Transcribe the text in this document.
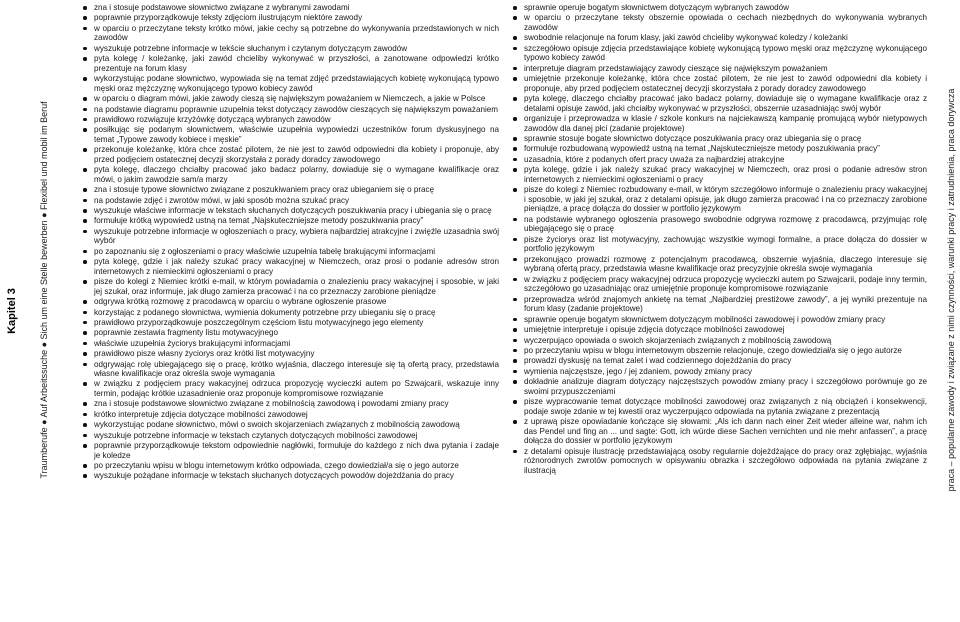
Kapitel 3 Traumberufe ● Auf Arbeitssuche ● Sich um eine Stelle bewerben ● Flexibel und mobil im Beruf	praca – popularne zawody i związane z nimi czynności, warunki pracy i zatrudnienia, praca dorywcza
zna i stosuje podstawowe słownictwo związane z wybranymi zawodami
poprawnie przyporządkowuje teksty zdjęciom ilustrującym niektóre zawody
w oparciu o przeczytane teksty krótko mówi, jakie cechy są potrzebne do wykonywania przedstawionych w nich zawodów
wyszukuje potrzebne informacje w tekście słuchanym i czytanym dotyczącym zawodów
pyta kolegę / koleżankę, jaki zawód chcieliby wykonywać w przyszłości, a zanotowane odpowiedzi krótko prezentuje na forum klasy
wykorzystując podane słownictwo, wypowiada się na temat zdjęć przedstawiających kobietę wykonującą typowo męski oraz mężczyznę wykonującego typowo kobiecy zawód
w oparciu o diagram mówi, jakie zawody cieszą się największym poważaniem w Niemczech, a jakie w Polsce
na podstawie diagramu poprawnie uzupełnia tekst dotyczący zawodów cieszących się największym poważaniem
prawidłowo rozwiązuje krzyżówkę dotyczącą wybranych zawodów
posiłkując się podanym słownictwem, właściwie uzupełnia wypowiedzi uczestników forum dyskusyjnego na temat „Typowe zawody kobiece i męskie”
przekonuje koleżankę, która chce zostać pilotem, że nie jest to zawód odpowiedni dla kobiety i proponuje, aby przed podjęciem ostatecznej decyzji skorzystała z porady doradcy zawodowego
pyta kolegę, dlaczego chciałby pracować jako badacz polarny, dowiaduje się o wymagane kwalifikacje oraz mówi, o jakim zawodzie sam/a marzy
zna i stosuje typowe słownictwo związane z poszukiwaniem pracy oraz ubieganiem się o pracę
na podstawie zdjęć i zwrotów mówi, w jaki sposób można szukać pracy
wyszukuje właściwe informacje w tekstach słuchanych dotyczących poszukiwania pracy i ubiegania się o pracę
formułuje krótką wypowiedź ustną na temat „Najskuteczniejsze metody poszukiwania pracy”
wyszukuje potrzebne informacje w ogłoszeniach o pracy, wybiera najbardziej atrakcyjne i zwięźle uzasadnia swój wybór
po zapoznaniu się z ogłoszeniami o pracy właściwie uzupełnia tabelę brakującymi informacjami
pyta kolegę, gdzie i jak należy szukać pracy wakacyjnej w Niemczech, oraz prosi o podanie adresów stron internetowych z niemieckimi ogłoszeniami o pracy
pisze do kolegi z Niemiec krótki e-mail, w którym powiadamia o znalezieniu pracy wakacyjnej i sposobie, w jaki jej szukał, oraz informuje, jak długo zamierza pracować i na co przeznaczy zarobione pieniądze
odgrywa krótką rozmowę z pracodawcą w oparciu o wybrane ogłoszenie prasowe
korzystając z podanego słownictwa, wymienia dokumenty potrzebne przy ubieganiu się o pracę
prawidłowo przyporządkowuje poszczególnym częściom listu motywacyjnego jego elementy
poprawnie zestawia fragmenty listu motywacyjnego
właściwie uzupełnia życiorys brakującymi informacjami
prawidłowo pisze własny życiorys oraz krótki list motywacyjny
odgrywając rolę ubiegającego się o pracę, krótko wyjaśnia, dlaczego interesuje się tą ofertą pracy, przedstawia własne kwalifikacje oraz określa swoje wymagania
w związku z podjęciem pracy wakacyjnej odrzuca propozycję wycieczki autem po Szwajcarii, wskazuje inny termin, podając krótkie uzasadnienie oraz proponuje kompromisowe rozwiązanie
zna i stosuje podstawowe słownictwo związane z mobilnością zawodową i powodami zmiany pracy
krótko interpretuje zdjęcia dotyczące mobilności zawodowej
wykorzystując podane słownictwo, mówi o swoich skojarzeniach związanych z mobilnością zawodową
wyszukuje potrzebne informacje w tekstach czytanych dotyczących mobilności zawodowej
poprawnie przyporządkowuje tekstom odpowiednie nagłówki, formułuje do każdego z nich dwa pytania i zadaje je koledze
po przeczytaniu wpisu w blogu internetowym krótko odpowiada, czego dowiedział/a się o jego autorze
wyszukuje pożądane informacje w tekstach słuchanych dotyczących powodów dojeżdżania do pracy
sprawnie operuje bogatym słownictwem dotyczącym wybranych zawodów
w oparciu o przeczytane teksty obszernie opowiada o cechach niezbędnych do wykonywania wybranych zawodów
swobodnie relacjonuje na forum klasy, jaki zawód chcieliby wykonywać koledzy / koleżanki
szczegółowo opisuje zdjęcia przedstawiające kobietę wykonującą typowo męski oraz mężczyznę wykonującego typowo kobiecy zawód
interpretuje diagram przedstawiający zawody cieszące się największym poważaniem
umiejętnie przekonuje koleżankę, która chce zostać pilotem, że nie jest to zawód odpowiedni dla kobiety i proponuje, aby przed podjęciem ostatecznej decyzji skorzystała z porady doradcy zawodowego
pyta kolegę, dlaczego chciałby pracować jako badacz polarny, dowiaduje się o wymagane kwalifikacje oraz z detalami opisuje zawód, jaki chciałby wykonywać w przyszłości, obszernie uzasadniając swój wybór
organizuje i przeprowadza w klasie / szkole konkurs na najciekawszą kampanię promującą wybór nietypowych zawodów dla danej płci (zadanie projektowe)
sprawnie stosuje bogate słownictwo dotyczące poszukiwania pracy oraz ubiegania się o pracę
formułuje rozbudowaną wypowiedź ustną na temat „Najskuteczniejsze metody poszukiwania pracy”
uzasadnia, które z podanych ofert pracy uważa za najbardziej atrakcyjne
pyta kolegę, gdzie i jak należy szukać pracy wakacyjnej w Niemczech, oraz prosi o podanie adresów stron internetowych z niemieckimi ogłoszeniami o pracy
pisze do kolegi z Niemiec rozbudowany e-mail, w którym szczegółowo informuje o znalezieniu pracy wakacyjnej i sposobie, w jaki jej szukał, oraz z detalami opisuje, jak długo zamierza pracować i na co przeznaczy zarobione pieniądze, a pracę dołącza do dossier w portfolio językowym
na podstawie wybranego ogłoszenia prasowego swobodnie odgrywa rozmowę z pracodawcą, przyjmując rolę ubiegającego się o pracę
pisze życiorys oraz list motywacyjny, zachowując wszystkie wymogi formalne, a prace dołącza do dossier w portfolio językowym
przekonująco prowadzi rozmowę z potencjalnym pracodawcą, obszernie wyjaśnia, dlaczego interesuje się wybraną ofertą pracy, przedstawia własne kwalifikacje oraz precyzyjnie określa swoje wymagania
w związku z podjęciem pracy wakacyjnej odrzuca propozycję wycieczki autem po Szwajcarii, podaje inny termin, szczegółowo go uzasadniając oraz umiejętnie proponuje kompromisowe rozwiązanie
przeprowadza wśród znajomych ankietę na temat „Najbardziej prestiżowe zawody”, a jej wyniki prezentuje na forum klasy (zadanie projektowe)
sprawnie operuje bogatym słownictwem dotyczącym mobilności zawodowej i powodów zmiany pracy
umiejętnie interpretuje i opisuje zdjęcia dotyczące mobilności zawodowej
wyczerpująco opowiada o swoich skojarzeniach związanych z mobilnością zawodową
po przeczytaniu wpisu w blogu internetowym obszernie relacjonuje, czego dowiedział/a się o jego autorze
prowadzi dyskusję na temat zalet i wad codziennego dojeżdżania do pracy
wymienia najczęstsze, jego / jej zdaniem, powody zmiany pracy
dokładnie analizuje diagram dotyczący najczęstszych powodów zmiany pracy i szczegółowo porównuje go ze swoimi przypuszczeniami
pisze wypracowanie temat dotyczące mobilności zawodowej oraz związanych z nią obciążeń i konsekwencji, podaje swoje zdanie w tej kwestii oraz wyczerpująco odpowiada na pytania związane z prezentacją
z uprawą pisze opowiadanie kończące się słowami: „Als ich dann nach einer Zeit wieder alleine war, nahm ich das Pendel und fing an ... und sagte: Gott, ich würde diese Sachen vernichten und nie mehr anfassen”, a pracę dołącza do dossier w portfolio językowym
z detalami opisuje ilustrację przedstawiającą osoby regularnie dojeżdżające do pracy oraz zgłębiając, wyjaśnia różnorodnych zwrotów pomocnych w opisywaniu obrazka i szczegółowo odpowiada na pytania związane z ilustracją
